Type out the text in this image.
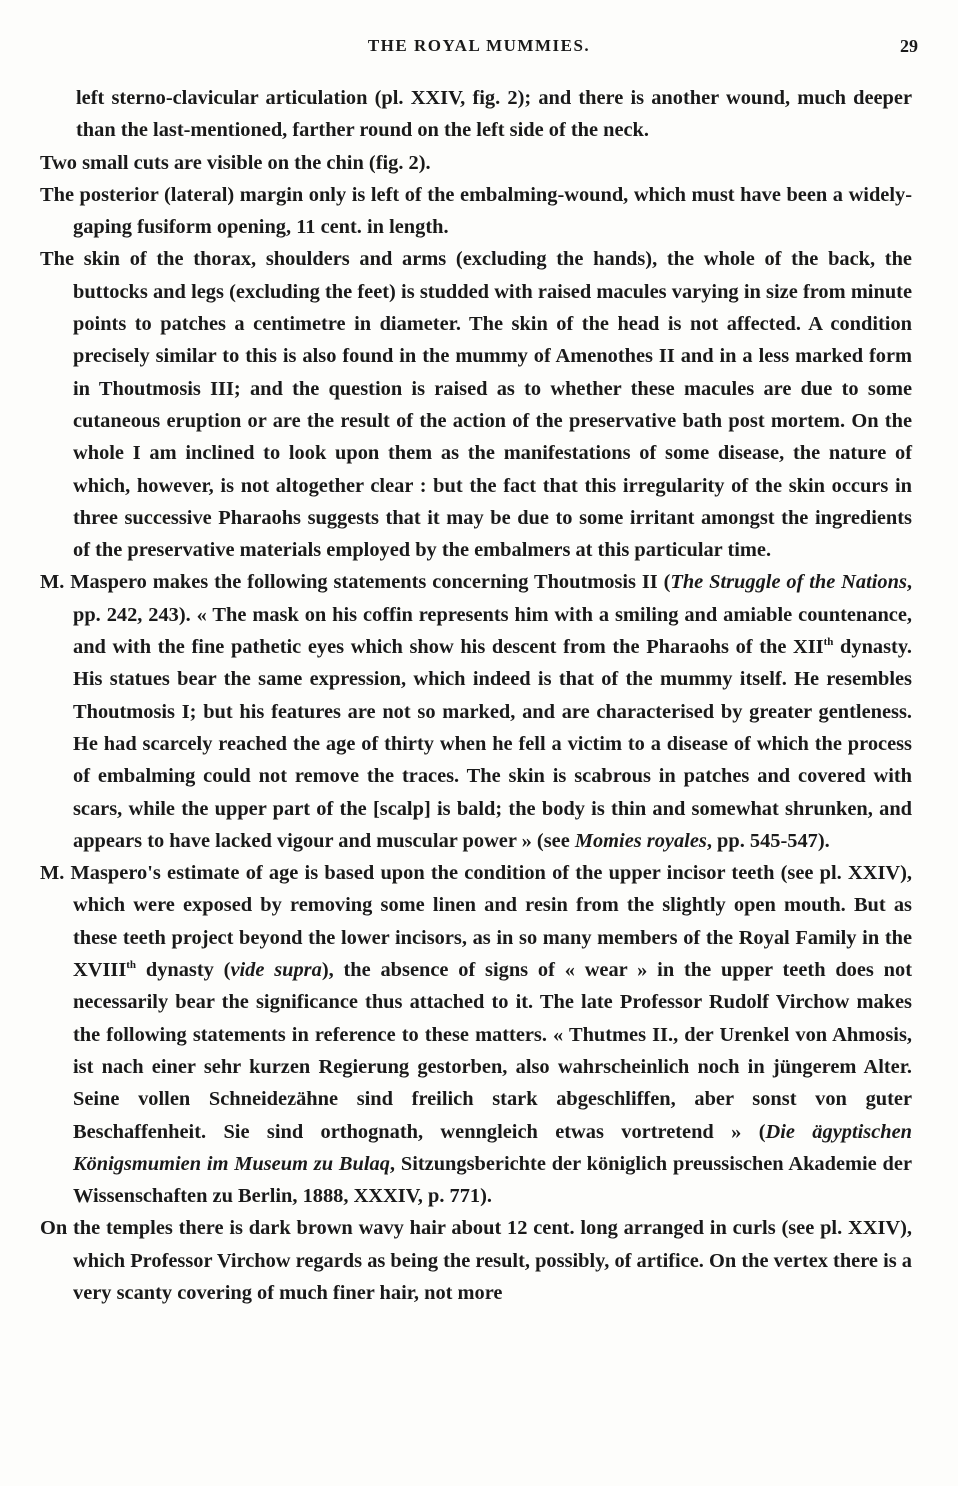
THE ROYAL MUMMIES.	29

left sterno-clavicular articulation (pl. XXIV, fig. 2); and there is another wound, much deeper than the last-mentioned, farther round on the left side of the neck.

Two small cuts are visible on the chin (fig. 2).

The posterior (lateral) margin only is left of the embalming-wound, which must have been a widely-gaping fusiform opening, 11 cent. in length.

The skin of the thorax, shoulders and arms (excluding the hands), the whole of the back, the buttocks and legs (excluding the feet) is studded with raised macules varying in size from minute points to patches a centimetre in diameter. The skin of the head is not affected. A condition precisely similar to this is also found in the mummy of Amenothes II and in a less marked form in Thoutmosis III; and the question is raised as to whether these macules are due to some cutaneous eruption or are the result of the action of the preservative bath post mortem. On the whole I am inclined to look upon them as the manifestations of some disease, the nature of which, however, is not altogether clear : but the fact that this irregularity of the skin occurs in three successive Pharaohs suggests that it may be due to some irritant amongst the ingredients of the preservative materials employed by the embalmers at this particular time.

M. Maspero makes the following statements concerning Thoutmosis II (The Struggle of the Nations, pp. 242, 243). « The mask on his coffin represents him with a smiling and amiable countenance, and with the fine pathetic eyes which show his descent from the Pharaohs of the XIIth dynasty. His statues bear the same expression, which indeed is that of the mummy itself. He resembles Thoutmosis I; but his features are not so marked, and are characterised by greater gentleness. He had scarcely reached the age of thirty when he fell a victim to a disease of which the process of embalming could not remove the traces. The skin is scabrous in patches and covered with scars, while the upper part of the [scalp] is bald; the body is thin and somewhat shrunken, and appears to have lacked vigour and muscular power » (see Momies royales, pp. 545-547).

M. Maspero's estimate of age is based upon the condition of the upper incisor teeth (see pl. XXIV), which were exposed by removing some linen and resin from the slightly open mouth. But as these teeth project beyond the lower incisors, as in so many members of the Royal Family in the XVIIIth dynasty (vide supra), the absence of signs of « wear » in the upper teeth does not necessarily bear the significance thus attached to it. The late Professor Rudolf Virchow makes the following statements in reference to these matters. « Thutmes II., der Urenkel von Ahmosis, ist nach einer sehr kurzen Regierung gestorben, also wahrscheinlich noch in jüngerem Alter. Seine vollen Schneidezähne sind freilich stark abgeschliffen, aber sonst von guter Beschaffenheit. Sie sind orthognath, wenngleich etwas vortretend » (Die ägyptischen Königsmumien im Museum zu Bulaq, Sitzungsberichte der königlich preussischen Akademie der Wissenschaften zu Berlin, 1888, XXXIV, p. 771).

On the temples there is dark brown wavy hair about 12 cent. long arranged in curls (see pl. XXIV), which Professor Virchow regards as being the result, possibly, of artifice. On the vertex there is a very scanty covering of much finer hair, not more
